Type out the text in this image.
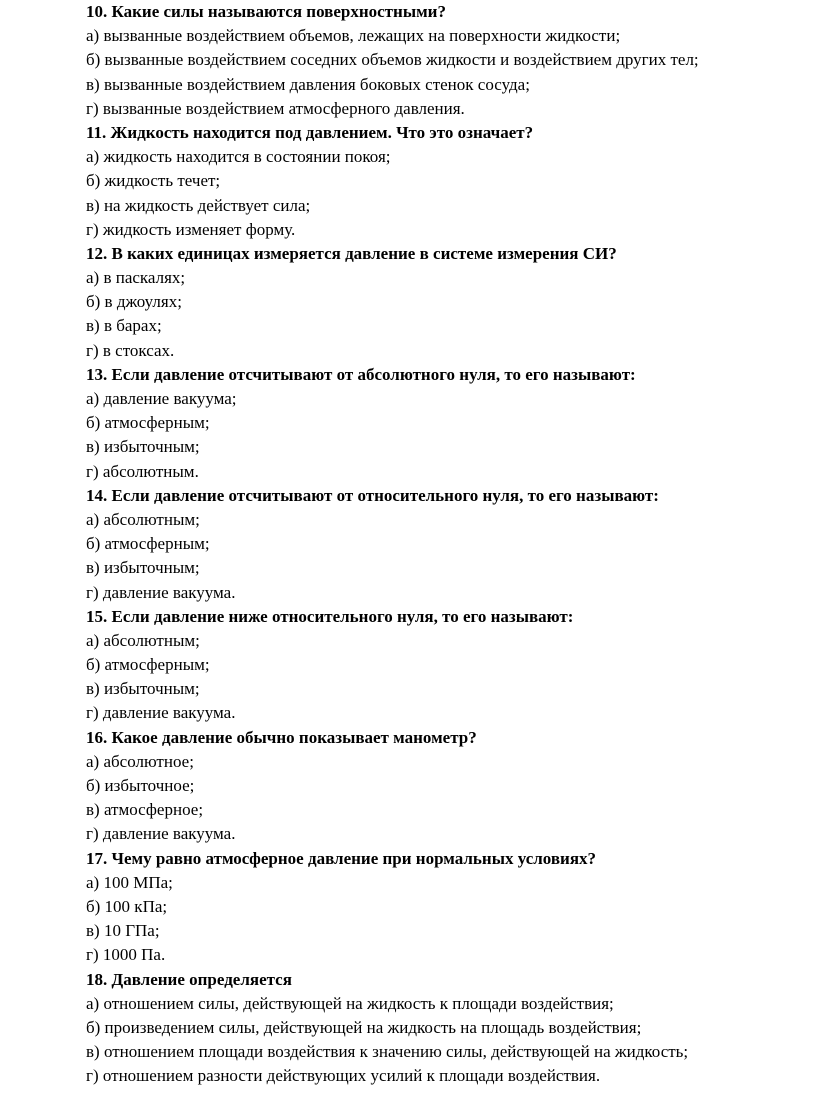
10. Какие силы называются поверхностными?
а) вызванные воздействием объемов, лежащих на поверхности жидкости;
б) вызванные воздействием соседних объемов жидкости и воздействием других тел;
в) вызванные воздействием давления боковых стенок сосуда;
г) вызванные воздействием атмосферного давления.
11. Жидкость находится под давлением. Что это означает?
а) жидкость находится в состоянии покоя;
б) жидкость течет;
в) на жидкость действует сила;
г) жидкость изменяет форму.
12. В каких единицах измеряется давление в системе измерения СИ?
а) в паскалях;
б) в джоулях;
в) в барах;
г) в стоксах.
13. Если давление отсчитывают от абсолютного нуля, то его называют:
а) давление вакуума;
б) атмосферным;
в) избыточным;
г) абсолютным.
14. Если давление отсчитывают от относительного нуля, то его называют:
а) абсолютным;
б) атмосферным;
в) избыточным;
г) давление вакуума.
15. Если давление ниже относительного нуля, то его называют:
а) абсолютным;
б) атмосферным;
в) избыточным;
г) давление вакуума.
16. Какое давление обычно показывает манометр?
а) абсолютное;
б) избыточное;
в) атмосферное;
г) давление вакуума.
17. Чему равно атмосферное давление при нормальных условиях?
а) 100 МПа;
б) 100 кПа;
в) 10 ГПа;
г) 1000 Па.
18. Давление определяется
а) отношением силы, действующей на жидкость к площади воздействия;
б) произведением силы, действующей на жидкость на площадь воздействия;
в) отношением площади воздействия к значению силы, действующей на жидкость;
г) отношением разности действующих усилий к площади воздействия.
